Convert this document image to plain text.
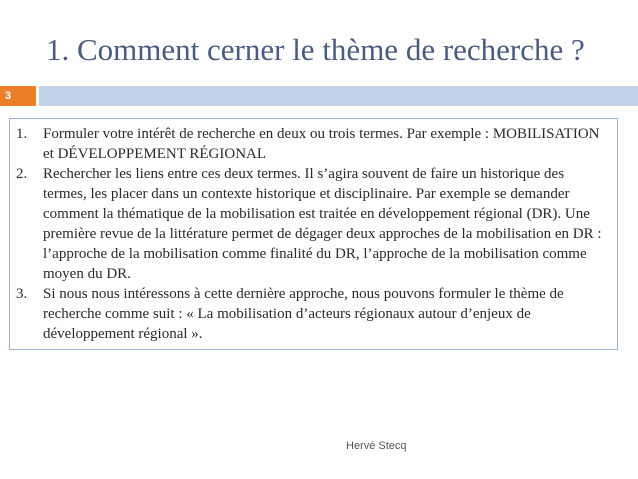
1. Comment cerner le thème de recherche ?
3
1. Formuler votre intérêt de recherche en deux ou trois termes. Par exemple : MOBILISATION et DÉVELOPPEMENT RÉGIONAL
2. Rechercher les liens entre ces deux termes. Il s’agira souvent de faire un historique des termes, les placer dans un contexte historique et disciplinaire. Par exemple se demander comment la thématique de la mobilisation est traitée en développement régional (DR). Une première revue de la littérature permet de dégager deux approches de la mobilisation en DR : l’approche de la mobilisation comme finalité du DR, l’approche de la mobilisation comme moyen du DR.
3. Si nous nous intéressons à cette dernière approche, nous pouvons formuler le thème de recherche comme suit : « La mobilisation d’acteurs régionaux autour d’enjeux de développement régional ».
Hervé Stecq
